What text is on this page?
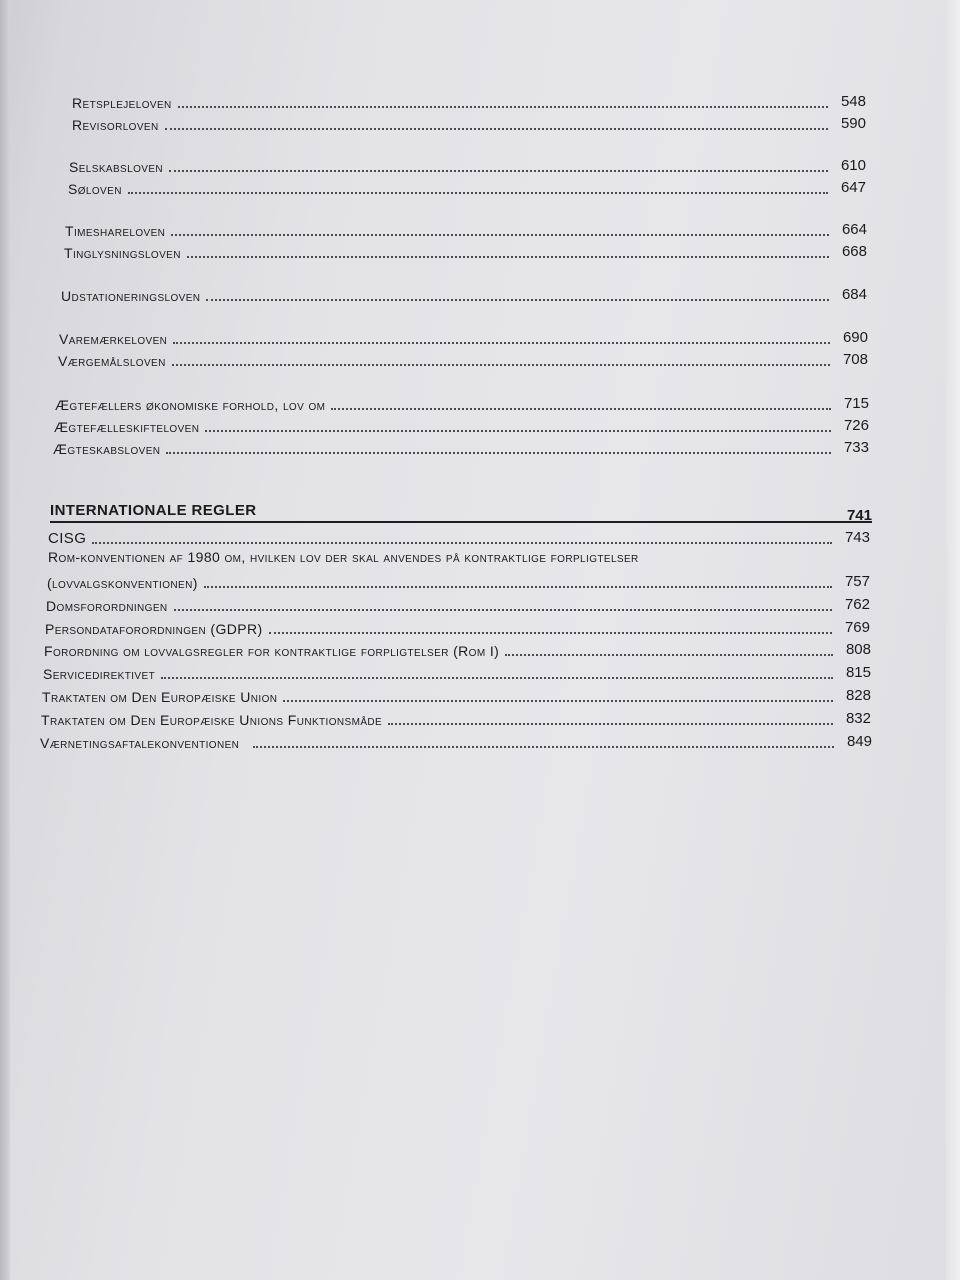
Retsplejeloven	548
Revisorloven	590
Selskabsloven	610
Søloven	647
Timeshareloven	664
Tinglysningsloven	668
Udstationeringsloven	684
Varemærkeloven	690
Værgemålsloven	708
Ægtefællers økonomiske forhold, lov om	715
Ægtefælleskifteloven	726
Ægteskabsloven	733
INTERNATIONALE REGLER	741
CISG	743
Rom-konventionen af 1980 om, hvilken lov der skal anvendes på kontraktlige forpligtelser
(lovvalgskonventionen)	757
Domsforordningen	762
Persondataforordningen (GDPR)	769
Forordning om lovvalgsregler for kontraktlige forpligtelser (Rom I)	808
Servicedirektivet	815
Traktaten om Den Europæiske Union	828
Traktaten om Den Europæiske Unions Funktionsmåde	832
Værnetingsaftalekonventionen	849
